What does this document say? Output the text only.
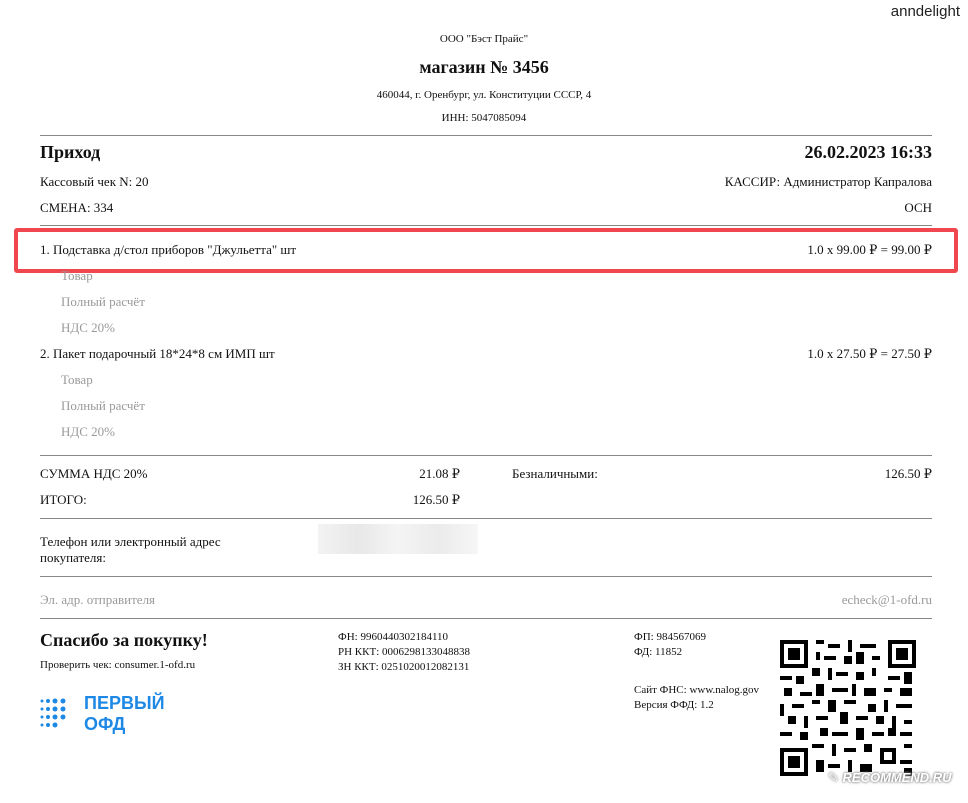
anndelight
ООО "Бэст Прайс"
магазин № 3456
460044, г. Оренбург, ул. Конституции СССР, 4
ИНН: 5047085094
Приход	26.02.2023 16:33
Кассовый чек N: 20	КАССИР: Администратор Капралова
СМЕНА: 334	ОСН
1. Подставка д/стол приборов "Джульетта" шт	1.0 x 99.00 ₽ = 99.00 ₽
Товар
Полный расчёт
НДС 20%
2. Пакет подарочный 18*24*8 см ИМП шт	1.0 x 27.50 ₽ = 27.50 ₽
Товар
Полный расчёт
НДС 20%
СУММА НДС 20%	21.08 ₽
ИТОГО:	126.50 ₽
Безналичными:	126.50 ₽
Телефон или электронный адрес
покупателя:
Эл. адр. отправителя	echeck@1-ofd.ru
Спасибо за покупку!
Проверить чек: consumer.1-ofd.ru
ФН: 9960440302184110
РН ККТ: 0006298133048838
ЗН ККТ: 0251020012082131
ФП: 984567069
ФД: 11852
Сайт ФНС: www.nalog.gov
Версия ФФД: 1.2
ПЕРВЫЙ
ОФД
✎ RECOMMEND.RU
